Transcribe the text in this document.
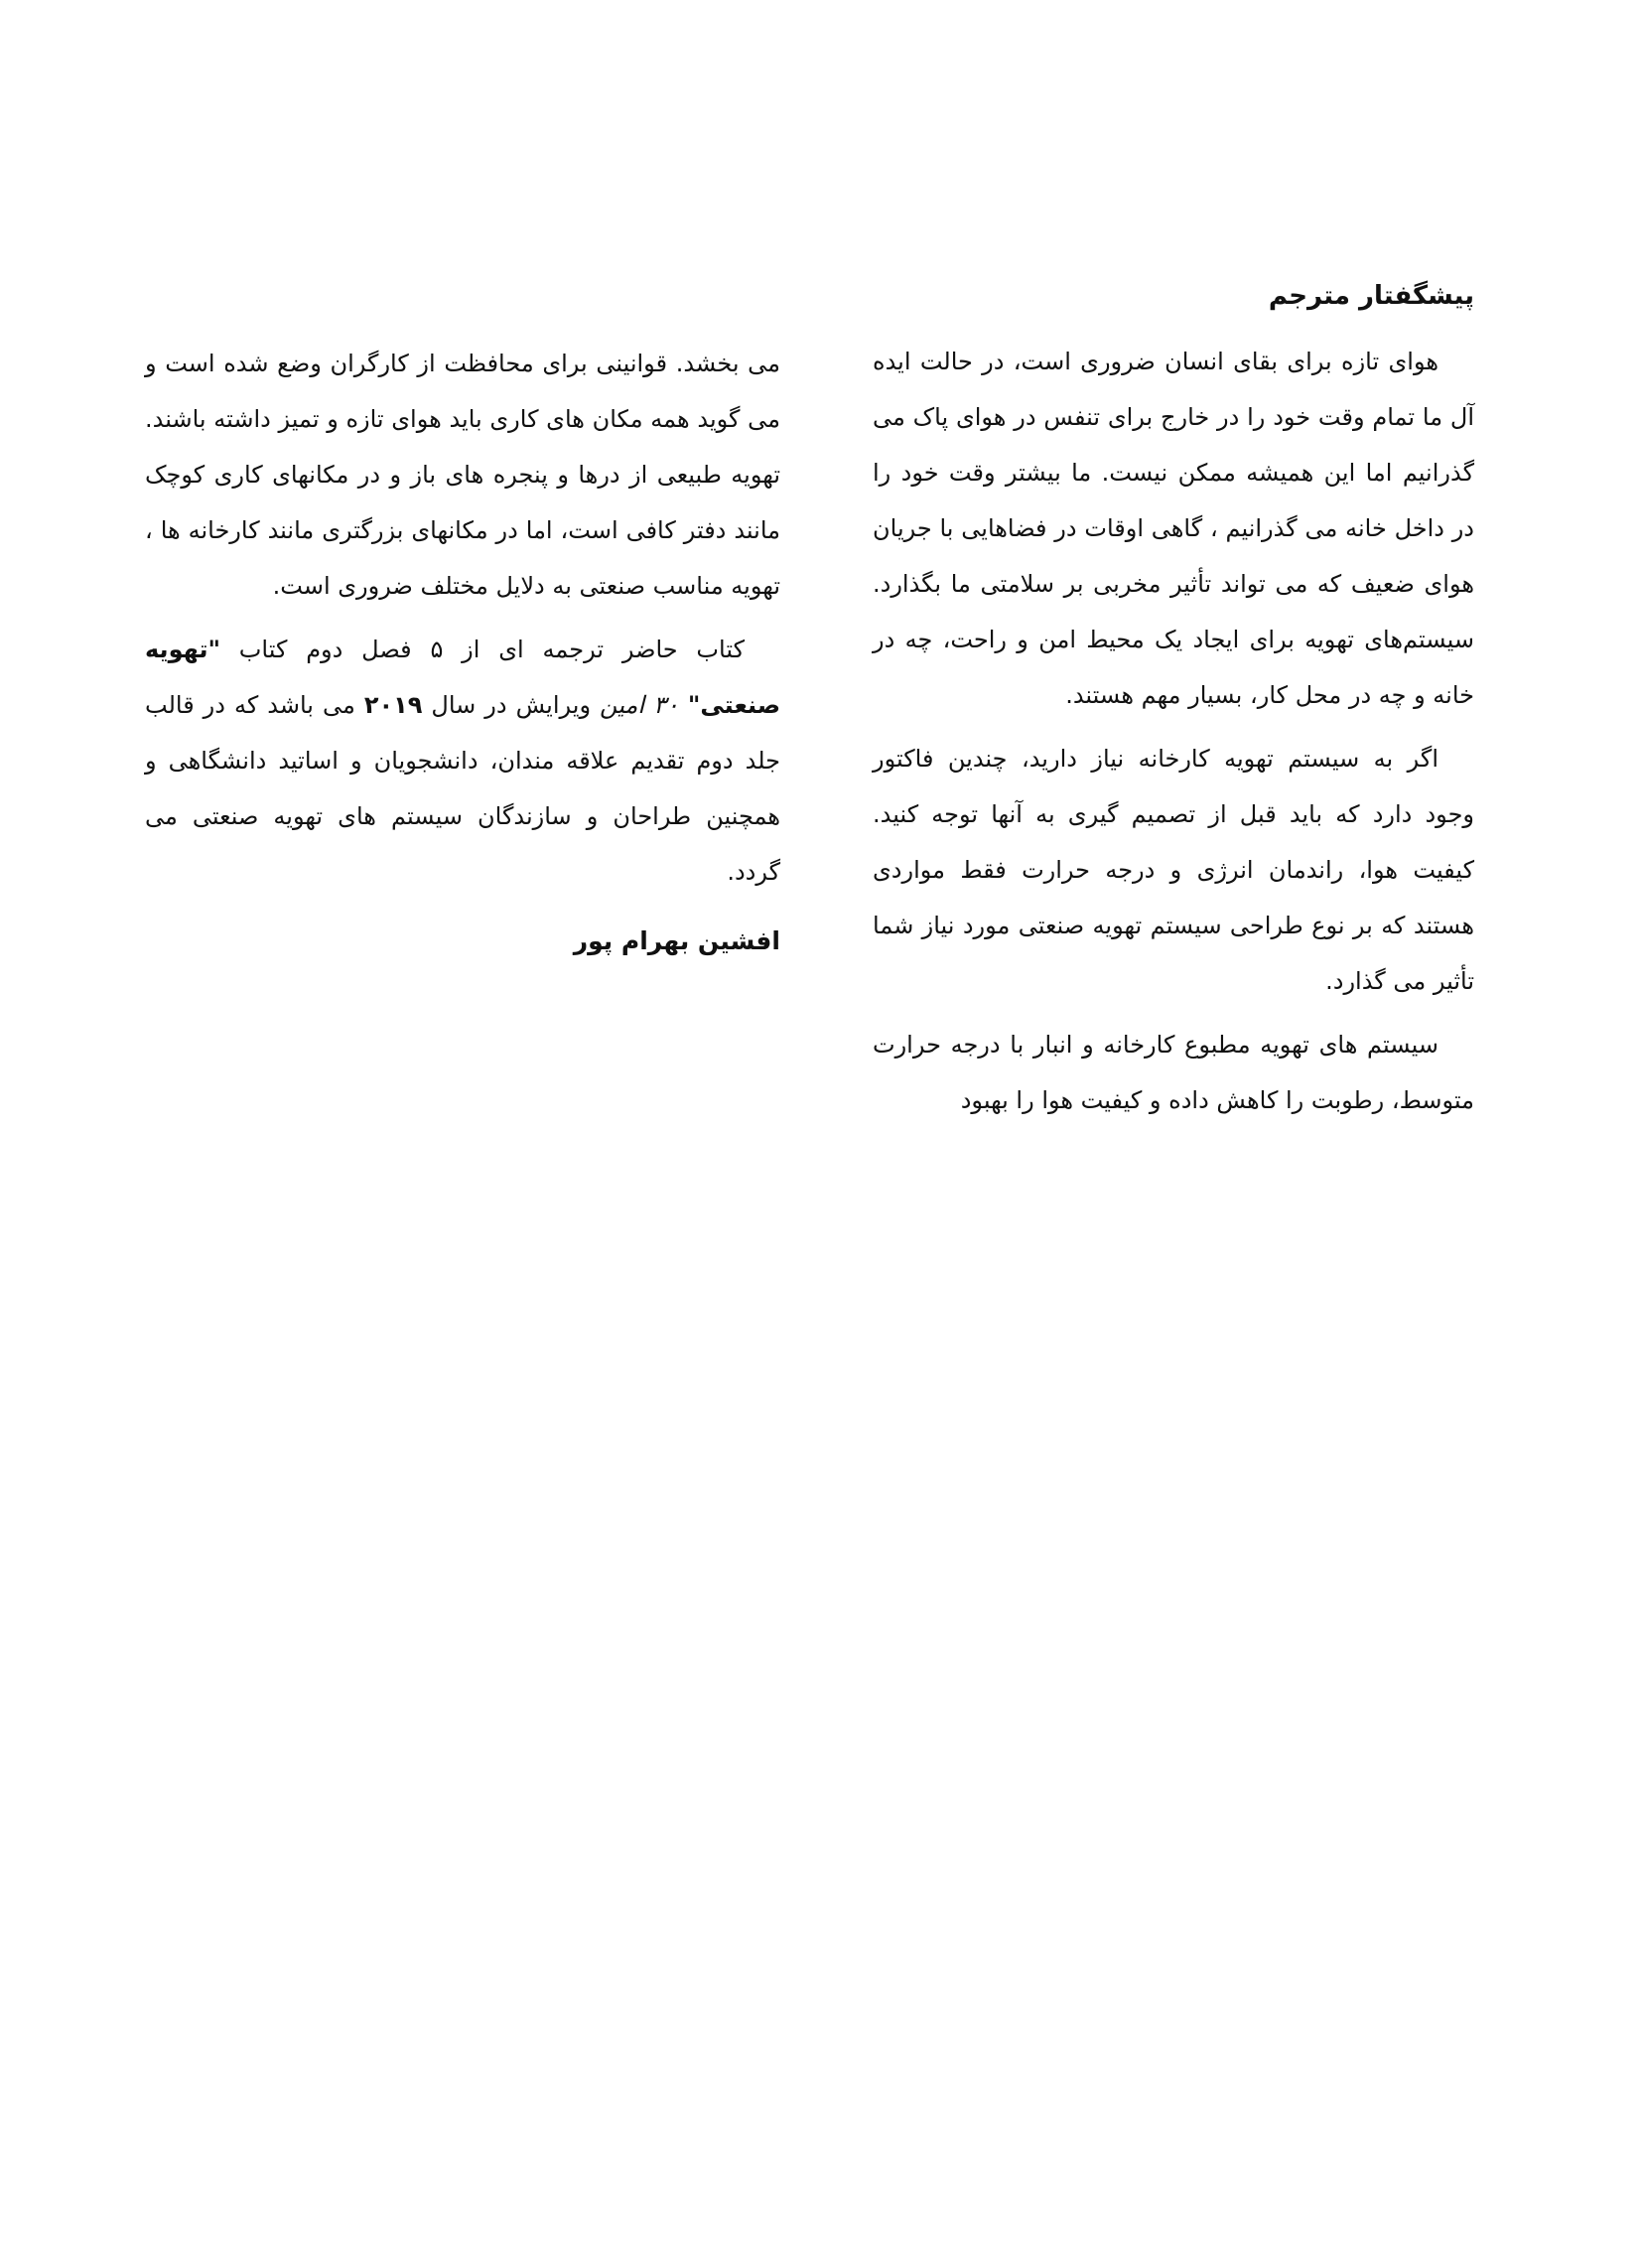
پیشگفتار مترجم

هوای تازه برای بقای انسان ضروری است، در حالت ایده آل ما تمام وقت خود را در خارج برای تنفس در هوای پاک می گذرانیم اما این همیشه ممکن نیست. ما بیشتر وقت خود را در داخل خانه می گذرانیم ، گاهی اوقات در فضاهایی با جریان هوای ضعیف که می تواند تأثیر مخربی بر سلامتی ما بگذارد. سیستم‌های تهویه برای ایجاد یک محیط امن و راحت، چه در خانه و چه در محل کار، بسیار مهم هستند.

اگر به سیستم تهویه کارخانه نیاز دارید، چندین فاکتور وجود دارد که باید قبل از تصمیم گیری به آنها توجه کنید. کیفیت هوا، راندمان انرژی و درجه حرارت فقط مواردی هستند که بر نوع طراحی سیستم تهویه صنعتی مورد نیاز شما تأثیر می گذارد.

سیستم های تهویه مطبوع کارخانه و انبار با درجه حرارت متوسط، رطوبت را کاهش داده و کیفیت هوا را بهبود

می بخشد. قوانینی برای محافظت از کارگران وضع شده است و می گوید همه مکان های کاری باید هوای تازه و تمیز داشته باشند. تهویه طبیعی از درها و پنجره های باز و در مکانهای کاری کوچک مانند دفتر کافی است، اما در مکانهای بزرگتری مانند کارخانه ها ، تهویه مناسب صنعتی به دلایل مختلف ضروری است.

کتاب حاضر ترجمه ای از ۵ فصل دوم کتاب "تهویه صنعتی" ۳۰ امین ویرایش در سال ۲۰۱۹ می باشد که در قالب جلد دوم تقدیم علاقه مندان، دانشجویان و اساتید دانشگاهی و همچنین طراحان و سازندگان سیستم های تهویه صنعتی می گردد.

افشین بهرام پور
